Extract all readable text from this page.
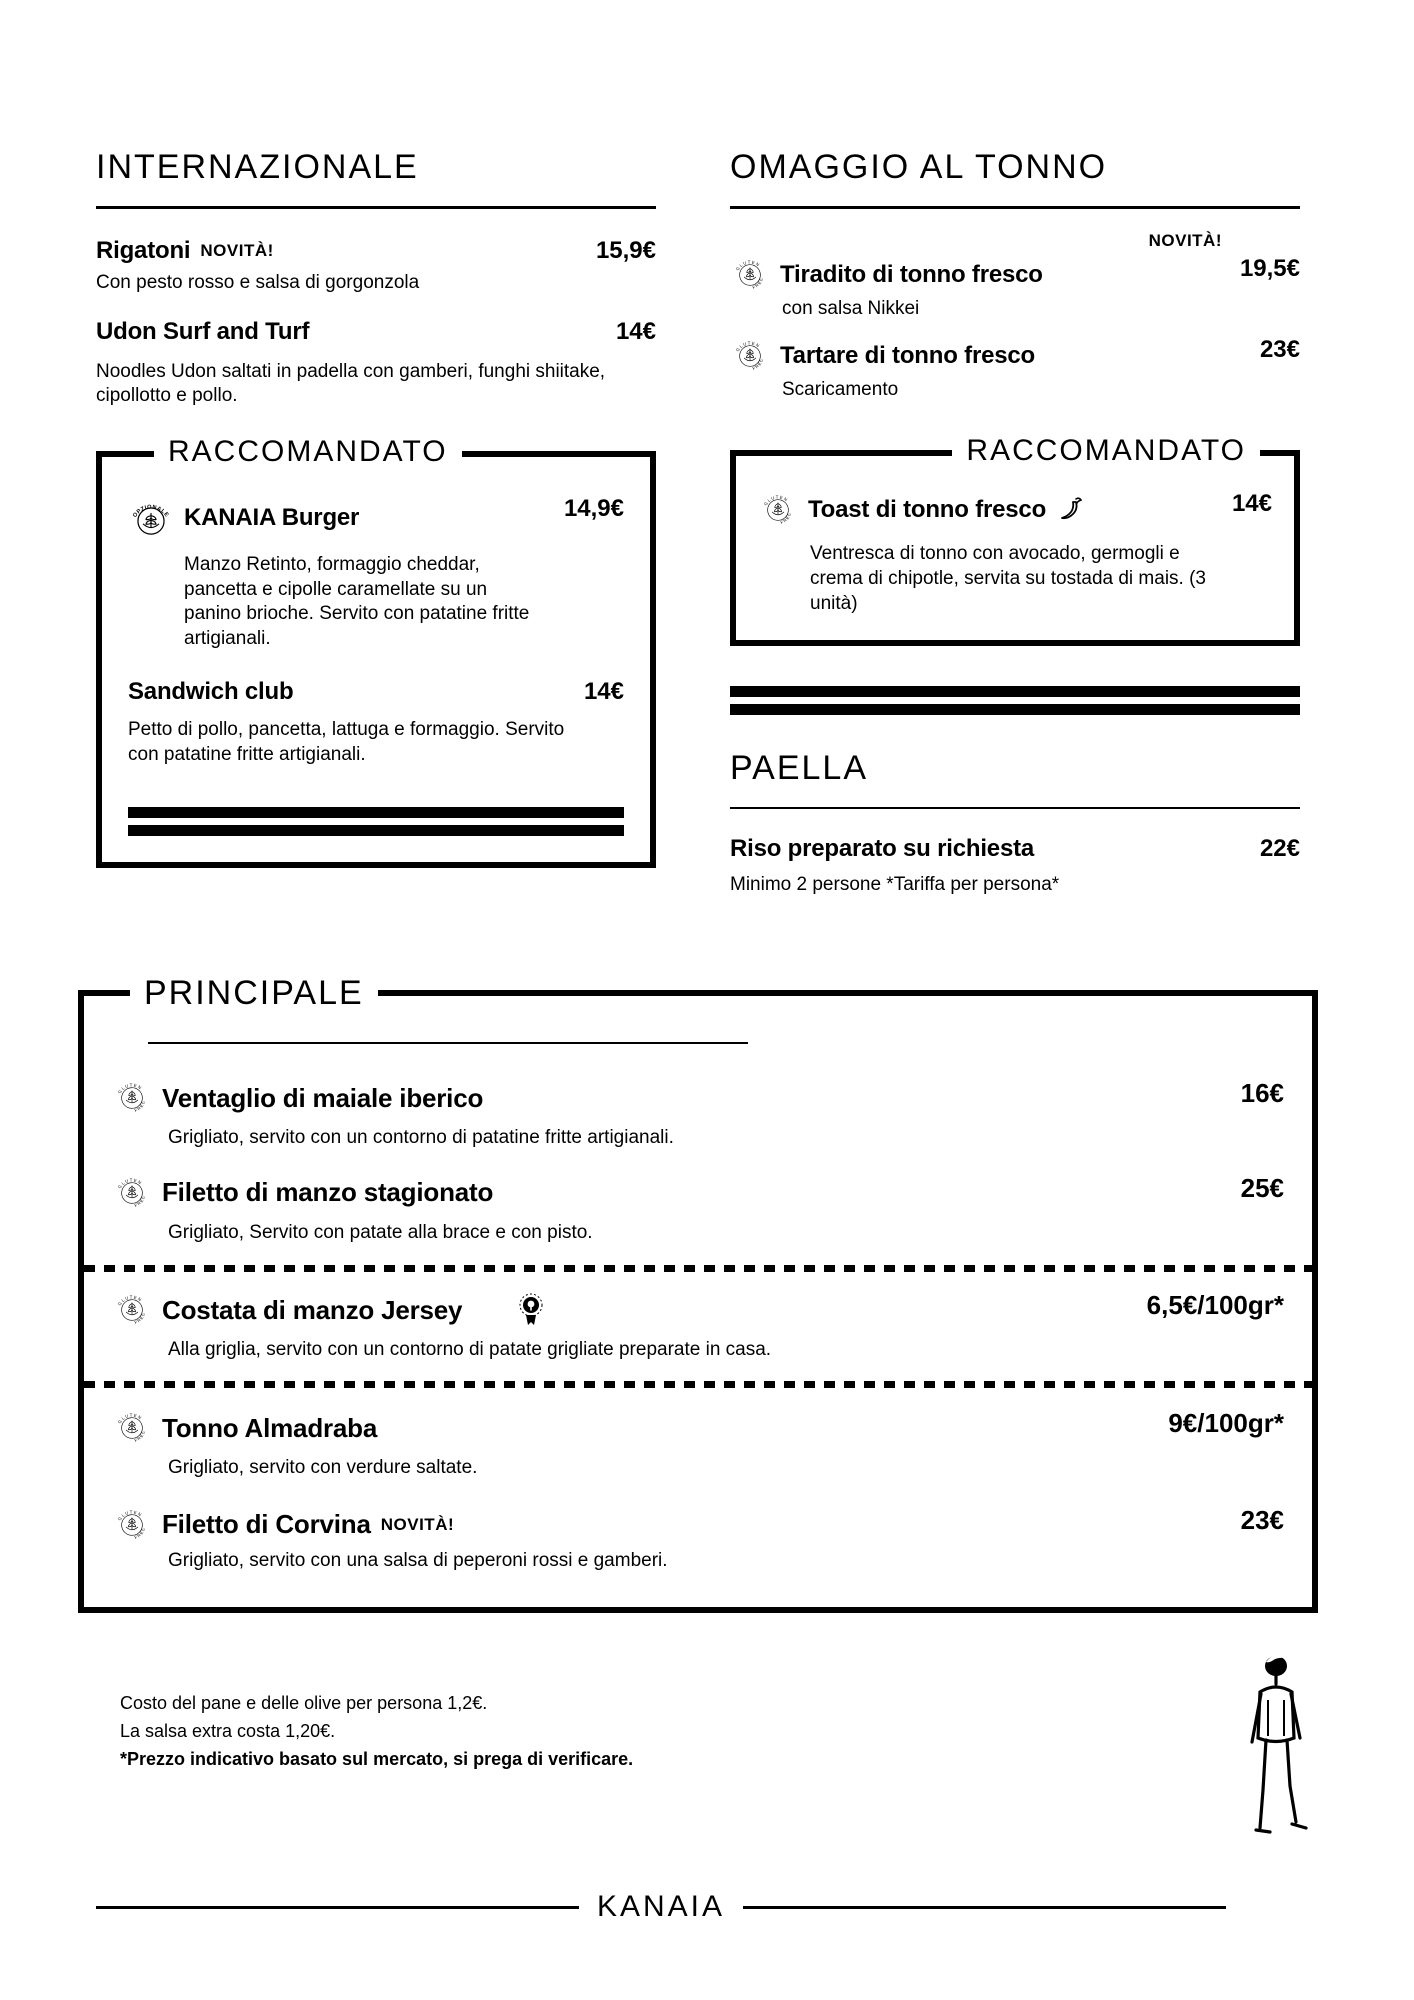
INTERNAZIONALE
Rigatoni NOVITÀ!	15,9€
Con pesto rosso e salsa di gorgonzola
Udon Surf and Turf	14€
Noodles Udon saltati in padella con gamberi, funghi shiitake, cipollotto e pollo.
RACCOMANDATO
OPZIONALE KANAIA Burger	14,9€
Manzo Retinto, formaggio cheddar, pancetta e cipolle caramellate su un panino brioche. Servito con patatine fritte artigianali.
Sandwich club	14€
Petto di pollo, pancetta, lattuga e formaggio. Servito con patatine fritte artigianali.
OMAGGIO AL TONNO
NOVITÀ!
GLUTEN
FREE Tiradito di tonno fresco	19,5€
con salsa Nikkei
GLUTEN
FREE Tartare di tonno fresco	23€
Scaricamento
RACCOMANDATO
GLUTEN
FREE Toast di tonno fresco	14€
Ventresca di tonno con avocado, germogli e crema di chipotle, servita su tostada di mais. (3 unità)
PAELLA
Riso preparato su richiesta	22€
Minimo 2 persone *Tariffa per persona*
PRINCIPALE
GLUTEN
FREE Ventaglio di maiale iberico	16€
Grigliato, servito con un contorno di patatine fritte artigianali.
GLUTEN
FREE Filetto di manzo stagionato	25€
Grigliato, Servito con patate alla brace e con pisto.
GLUTEN
FREE Costata di manzo Jersey	6,5€/100gr*
Alla griglia, servito con un contorno di patate grigliate preparate in casa.
GLUTEN
FREE Tonno Almadraba	9€/100gr*
Grigliato, servito con verdure saltate.
GLUTEN
FREE Filetto di Corvina NOVITÀ!	23€
Grigliato, servito con una salsa di peperoni rossi e gamberi.
Costo del pane e delle olive per persona 1,2€.
La salsa extra costa 1,20€.
*Prezzo indicativo basato sul mercato, si prega di verificare.
KANAIA
